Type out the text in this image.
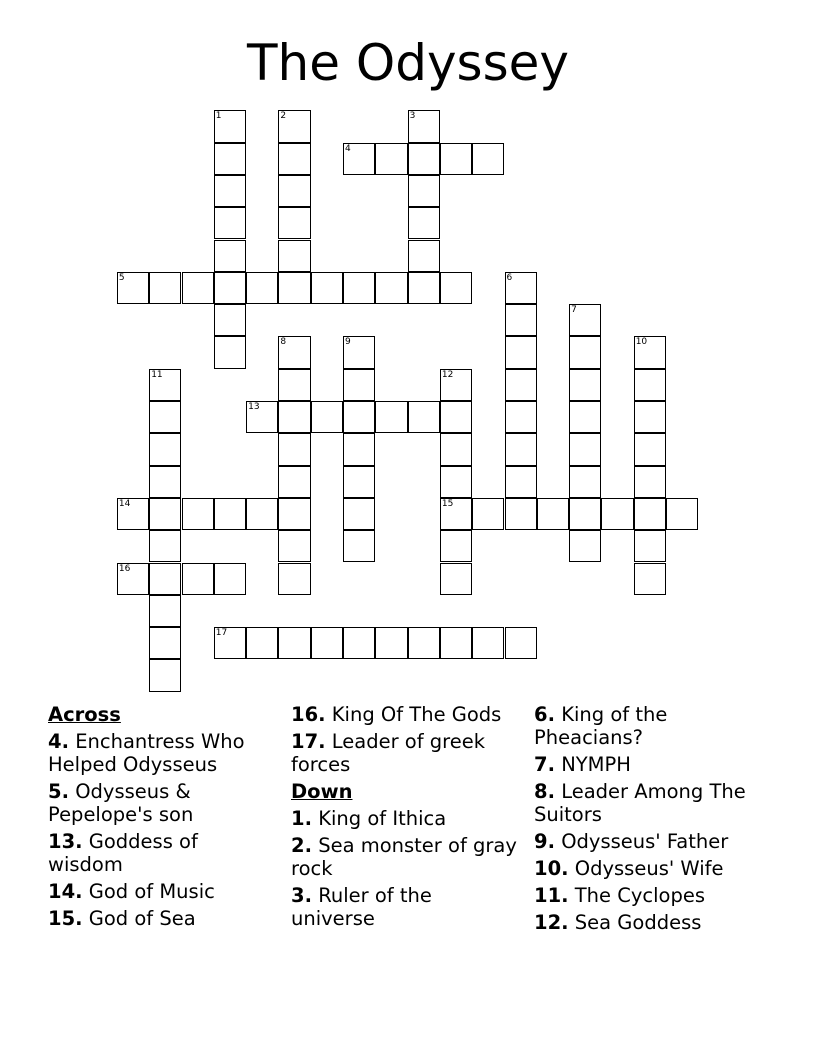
The Odyssey
1	2	3
4
5	6
7
8	9	10
11	12
13
14	15
16
17
Across
4. Enchantress Who Helped Odysseus
5. Odysseus & Pepelope's son
13. Goddess of wisdom
14. God of Music
15. God of Sea
16. King Of The Gods
17. Leader of greek forces
Down
1. King of Ithica
2. Sea monster of gray rock
3. Ruler of the universe
6. King of the Pheacians?
7. NYMPH
8. Leader Among The Suitors
9. Odysseus' Father
10. Odysseus' Wife
11. The Cyclopes
12. Sea Goddess
